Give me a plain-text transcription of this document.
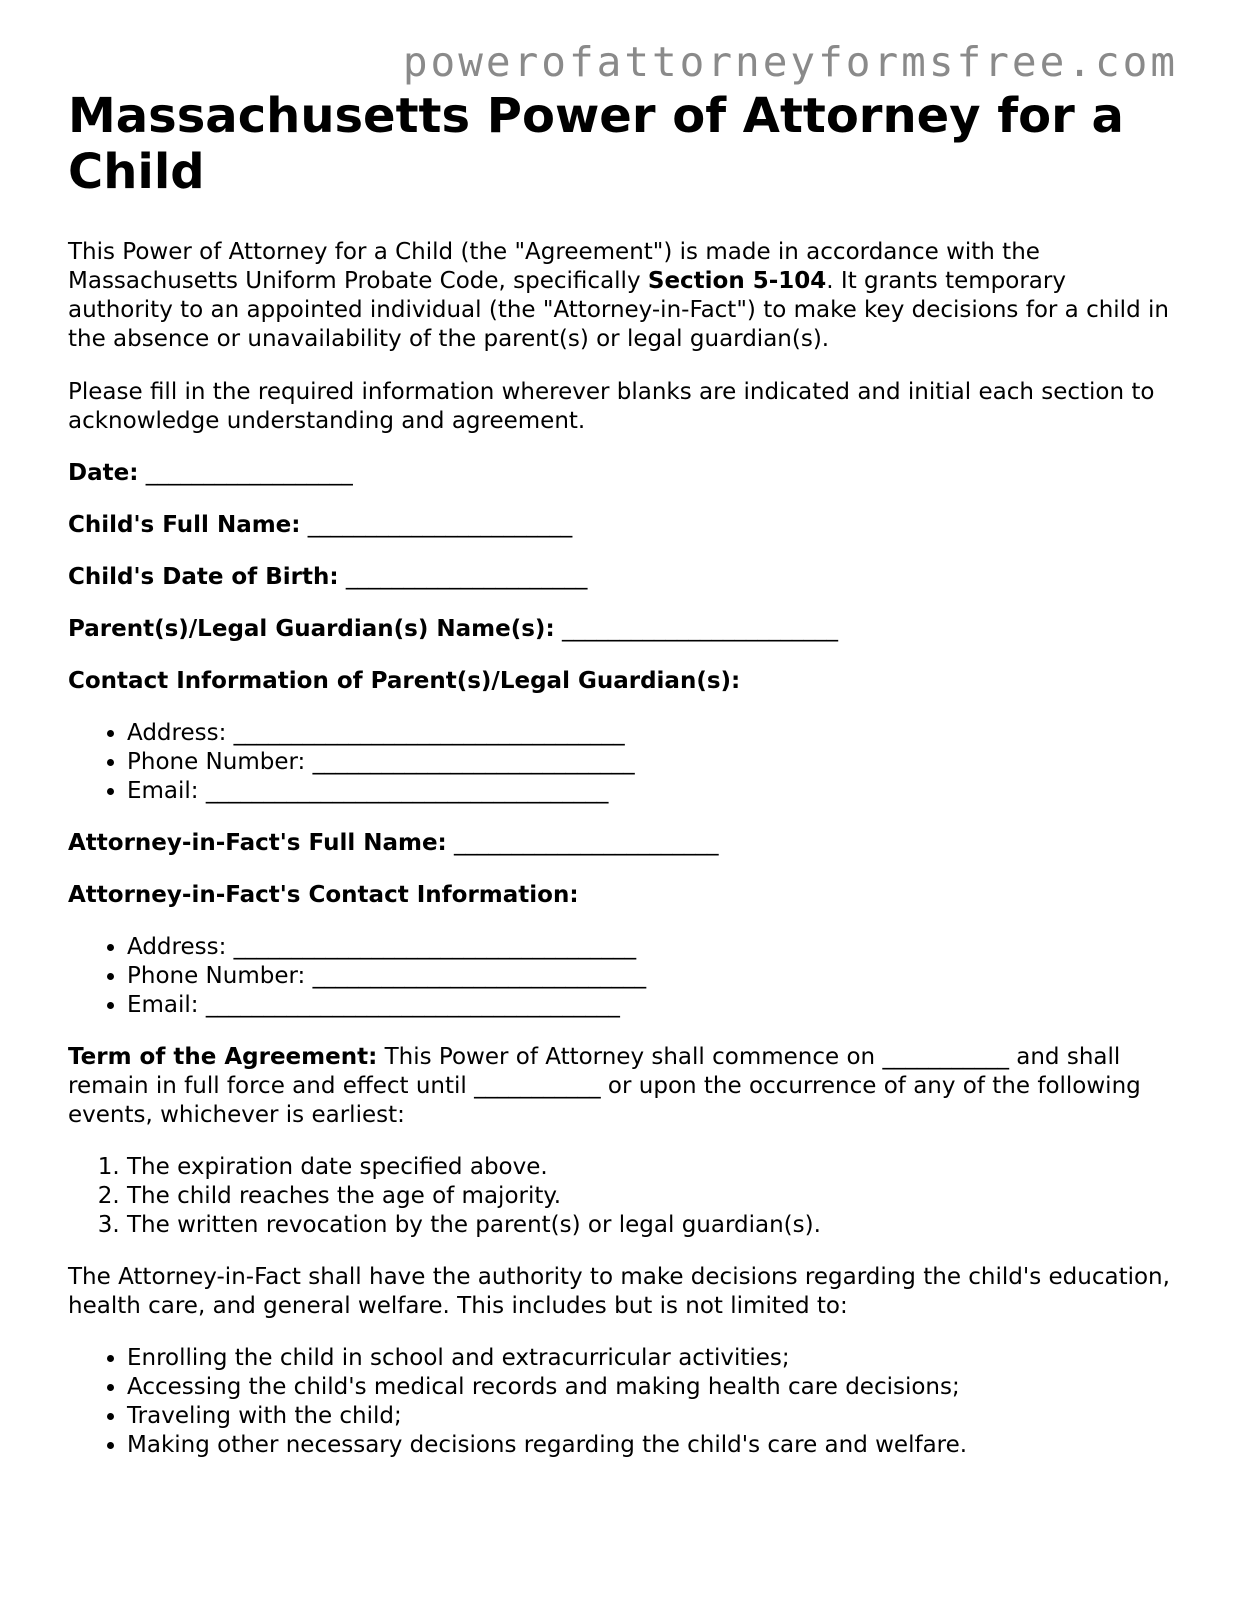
powerofattorneyformsfree.com
Massachusetts Power of Attorney for a Child

This Power of Attorney for a Child (the "Agreement") is made in accordance with the Massachusetts Uniform Probate Code, specifically Section 5-104. It grants temporary authority to an appointed individual (the "Attorney-in-Fact") to make key decisions for a child in the absence or unavailability of the parent(s) or legal guardian(s).

Please fill in the required information wherever blanks are indicated and initial each section to acknowledge understanding and agreement.

Date: __________________

Child's Full Name: _______________________

Child's Date of Birth: _____________________

Parent(s)/Legal Guardian(s) Name(s): ________________________

Contact Information of Parent(s)/Legal Guardian(s):

• Address: __________________________________
• Phone Number: ____________________________
• Email: ___________________________________

Attorney-in-Fact's Full Name: _______________________

Attorney-in-Fact's Contact Information:

• Address: ___________________________________
• Phone Number: _____________________________
• Email: ____________________________________

Term of the Agreement: This Power of Attorney shall commence on ___________ and shall remain in full force and effect until ___________ or upon the occurrence of any of the following events, whichever is earliest:

1. The expiration date specified above.
2. The child reaches the age of majority.
3. The written revocation by the parent(s) or legal guardian(s).

The Attorney-in-Fact shall have the authority to make decisions regarding the child's education, health care, and general welfare. This includes but is not limited to:

• Enrolling the child in school and extracurricular activities;
• Accessing the child's medical records and making health care decisions;
• Traveling with the child;
• Making other necessary decisions regarding the child's care and welfare.
